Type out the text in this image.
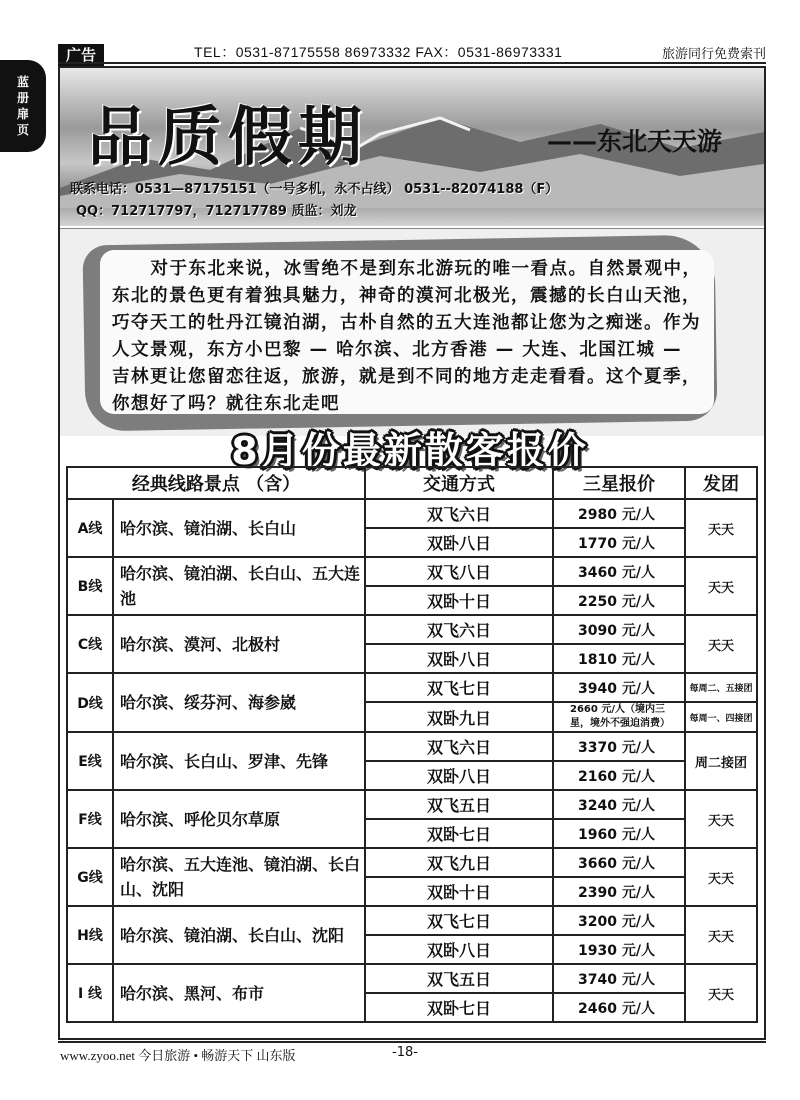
广告	TEL：0531-87175558 86973332 FAX：0531-86973331	旅游同行免费索刊
蓝
册
扉
页 品质假期	——东北天天游
联系电话：0531—87175151（一号多机，永不占线） 0531--82074188（F）
QQ：712717797，712717789 质监：刘龙

对于东北来说，冰雪绝不是到东北游玩的唯一看点。自然景观中，东北的景色更有着独具魅力，神奇的漠河北极光，震撼的长白山天池，巧夺天工的牡丹江镜泊湖，古朴自然的五大连池都让您为之痴迷。作为人文景观，东方小巴黎 — 哈尔滨、北方香港 — 大连、北国江城 — 吉林更让您留恋往返，旅游，就是到不同的地方走走看看。这个夏季，你想好了吗？就往东北走吧

8月份最新散客报价
经典线路景点 （含）		交通方式	三星报价	发团
A线	哈尔滨、镜泊湖、长白山	双飞六日	2980 元/人	天天
		双卧八日	1770 元/人	
B线	哈尔滨、镜泊湖、长白山、五大连池	双飞八日	3460 元/人	天天
		双卧十日	2250 元/人	
C线	哈尔滨、漠河、北极村	双飞六日	3090 元/人	天天
		双卧八日	1810 元/人	
D线	哈尔滨、绥芬河、海参崴	双飞七日	3940 元/人	每周二、五接团
		双卧九日	2660 元/人（境内三星，境外不强迫消费）	每周一、四接团
E线	哈尔滨、长白山、罗津、先锋	双飞六日	3370 元/人	周二接团
		双卧八日	2160 元/人	
F线	哈尔滨、呼伦贝尔草原	双飞五日	3240 元/人	天天
		双卧七日	1960 元/人	
G线	哈尔滨、五大连池、镜泊湖、长白山、沈阳	双飞九日	3660 元/人	天天
		双卧十日	2390 元/人	
H线	哈尔滨、镜泊湖、长白山、沈阳	双飞七日	3200 元/人	天天
		双卧八日	1930 元/人	
I 线	哈尔滨、黑河、布市	双飞五日	3740 元/人	天天
		双卧七日	2460 元/人	
www.zyoo.net 今日旅游 • 畅游天下 山东版	-18-
